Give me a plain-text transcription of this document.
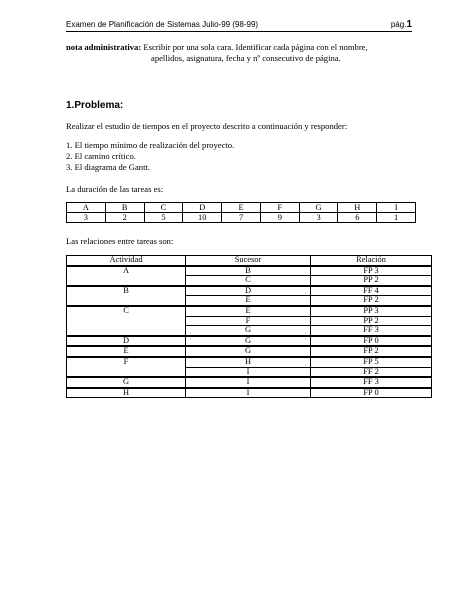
Examen de Planificación de Sistemas Julio-99 (98-99)	pág.1
nota administrativa: Escribir por una sola cara. Identificar cada página con el nombre,
apellidos, asignatura, fecha y nº consecutivo de página.
1.Problema:
Realizar el estudio de tiempos en el proyecto descrito a continuación y responder:
1. El tiempo mínimo de realización del proyecto.
2. El camino crítico.
3. El diagrama de Gantt.
La duración de las tareas es:
A	B	C	D	E	F	G	H	I
3	2	5	10	7	9	3	6	1
Las relaciones entre tareas son:
Actividad	Sucesor	Relación
A	B	FP 3
	C	PP 2
B	D	FF 4
	E	FP 2
C	E	PP 3
	F	PP 2
	G	FF 3
D	G	FP 0
E	G	FP 2
F	H	FP 5
	I	FF 2
G	I	FF 3
H	I	FP 0
